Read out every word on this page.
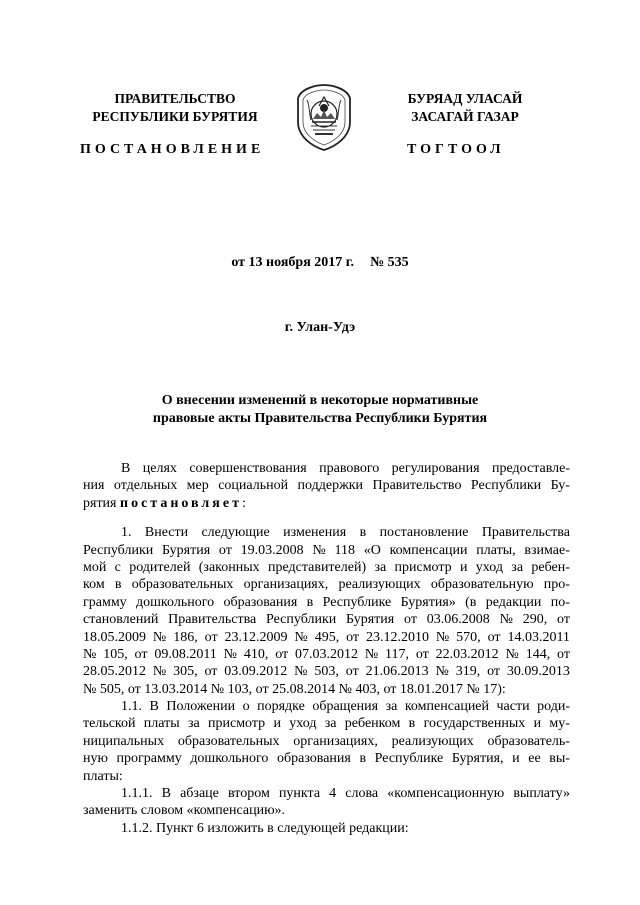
ПРАВИТЕЛЬСТВО
РЕСПУБЛИКИ БУРЯТИЯ
БУРЯАД УЛАСАЙ
ЗАСАГАЙ ГАЗАР
ПОСТАНОВЛЕНИЕ	ТОГТООЛ
от 13 ноября 2017 г. № 535
г. Улан-Удэ
О внесении изменений в некоторые нормативные
правовые акты Правительства Республики Бурятия
В целях совершенствования правового регулирования предоставле-
ния отдельных мер социальной поддержки Правительство Республики Бу-
рятия
постановляет :
1. Внести следующие изменения в постановление Правительства
Республики Бурятия от 19.03.2008 № 118 «О компенсации платы, взимае-
мой с родителей (законных представителей) за присмотр и уход за ребен-
ком в образовательных организациях, реализующих образовательную про-
грамму дошкольного образования в Республике Бурятия» (в редакции по-
становлений Правительства Республики Бурятия от 03.06.2008 № 290, от
18.05.2009 № 186, от 23.12.2009 № 495, от 23.12.2010 № 570, от 14.03.2011
№ 105, от 09.08.2011 № 410, от 07.03.2012 № 117, от 22.03.2012 № 144, от
28.05.2012 № 305, от 03.09.2012 № 503, от 21.06.2013 № 319, от 30.09.2013
№ 505, от 13.03.2014 № 103, от 25.08.2014 № 403, от 18.01.2017 № 17):
1.1. В Положении о порядке обращения за компенсацией части роди-
тельской платы за присмотр и уход за ребенком в государственных и му-
ниципальных образовательных организациях, реализующих образователь-
ную программу дошкольного образования в Республике Бурятия, и ее вы-
платы:
1.1.1. В абзаце втором пункта 4 слова «компенсационную выплату»
заменить словом «компенсацию».
1.1.2. Пункт 6 изложить в следующей редакции:
